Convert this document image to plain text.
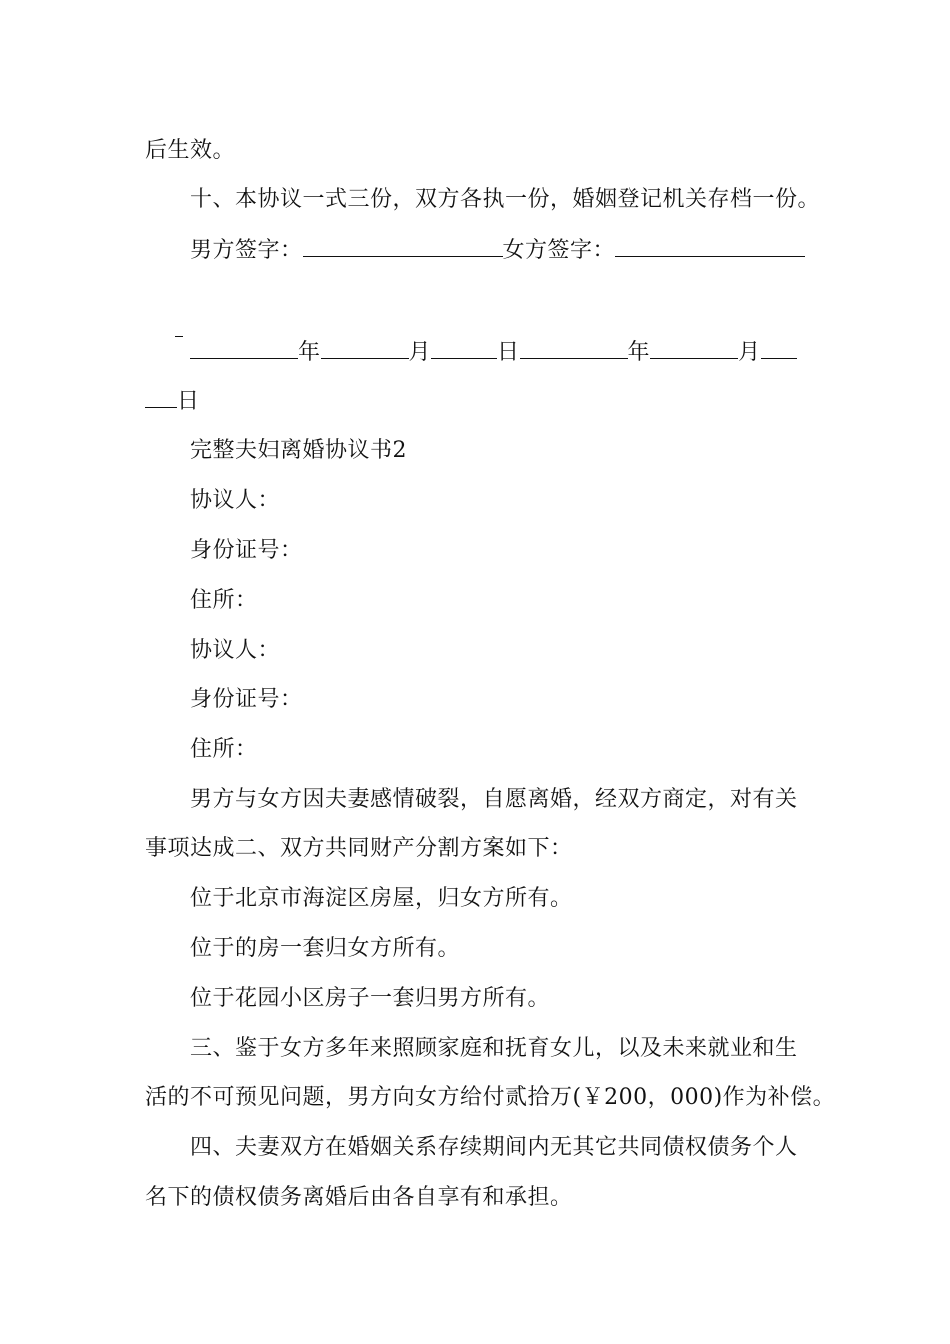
后生效。
十、本协议一式三份，双方各执一份，婚姻登记机关存档一份。
男方签字：	女方签字：

年	月	日	年	月
日
完整夫妇离婚协议书2
协议人：
身份证号：
住所：
协议人：
身份证号：
住所：
男方与女方因夫妻感情破裂，自愿离婚，经双方商定，对有关
事项达成二、双方共同财产分割方案如下：
位于北京市海淀区房屋，归女方所有。
位于的房一套归女方所有。
位于花园小区房子一套归男方所有。
三、鉴于女方多年来照顾家庭和抚育女儿，以及未来就业和生
活的不可预见问题，男方向女方给付贰拾万(￥200，000)作为补偿。
四、夫妻双方在婚姻关系存续期间内无其它共同债权债务个人
名下的债权债务离婚后由各自享有和承担。
